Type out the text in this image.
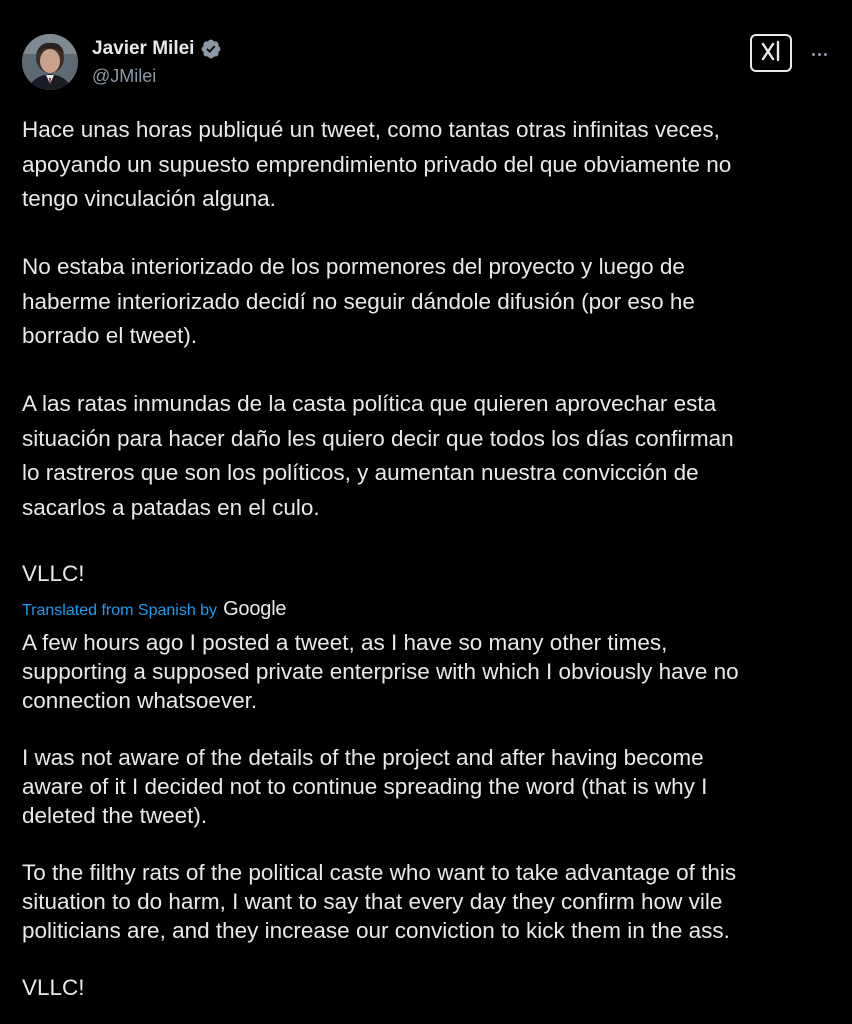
Javier Milei
@JMilei
Hace unas horas publiqué un tweet, como tantas otras infinitas veces,
apoyando un supuesto emprendimiento privado del que obviamente no
tengo vinculación alguna.
No estaba interiorizado de los pormenores del proyecto y luego de
haberme interiorizado decidí no seguir dándole difusión (por eso he
borrado el tweet).
A las ratas inmundas de la casta política que quieren aprovechar esta
situación para hacer daño les quiero decir que todos los días confirman
lo rastreros que son los políticos, y aumentan nuestra convicción de
sacarlos a patadas en el culo.
VLLC!
Translated from Spanish by Google
A few hours ago I posted a tweet, as I have so many other times,
supporting a supposed private enterprise with which I obviously have no
connection whatsoever.
I was not aware of the details of the project and after having become
aware of it I decided not to continue spreading the word (that is why I
deleted the tweet).
To the filthy rats of the political caste who want to take advantage of this
situation to do harm, I want to say that every day they confirm how vile
politicians are, and they increase our conviction to kick them in the ass.
VLLC!
